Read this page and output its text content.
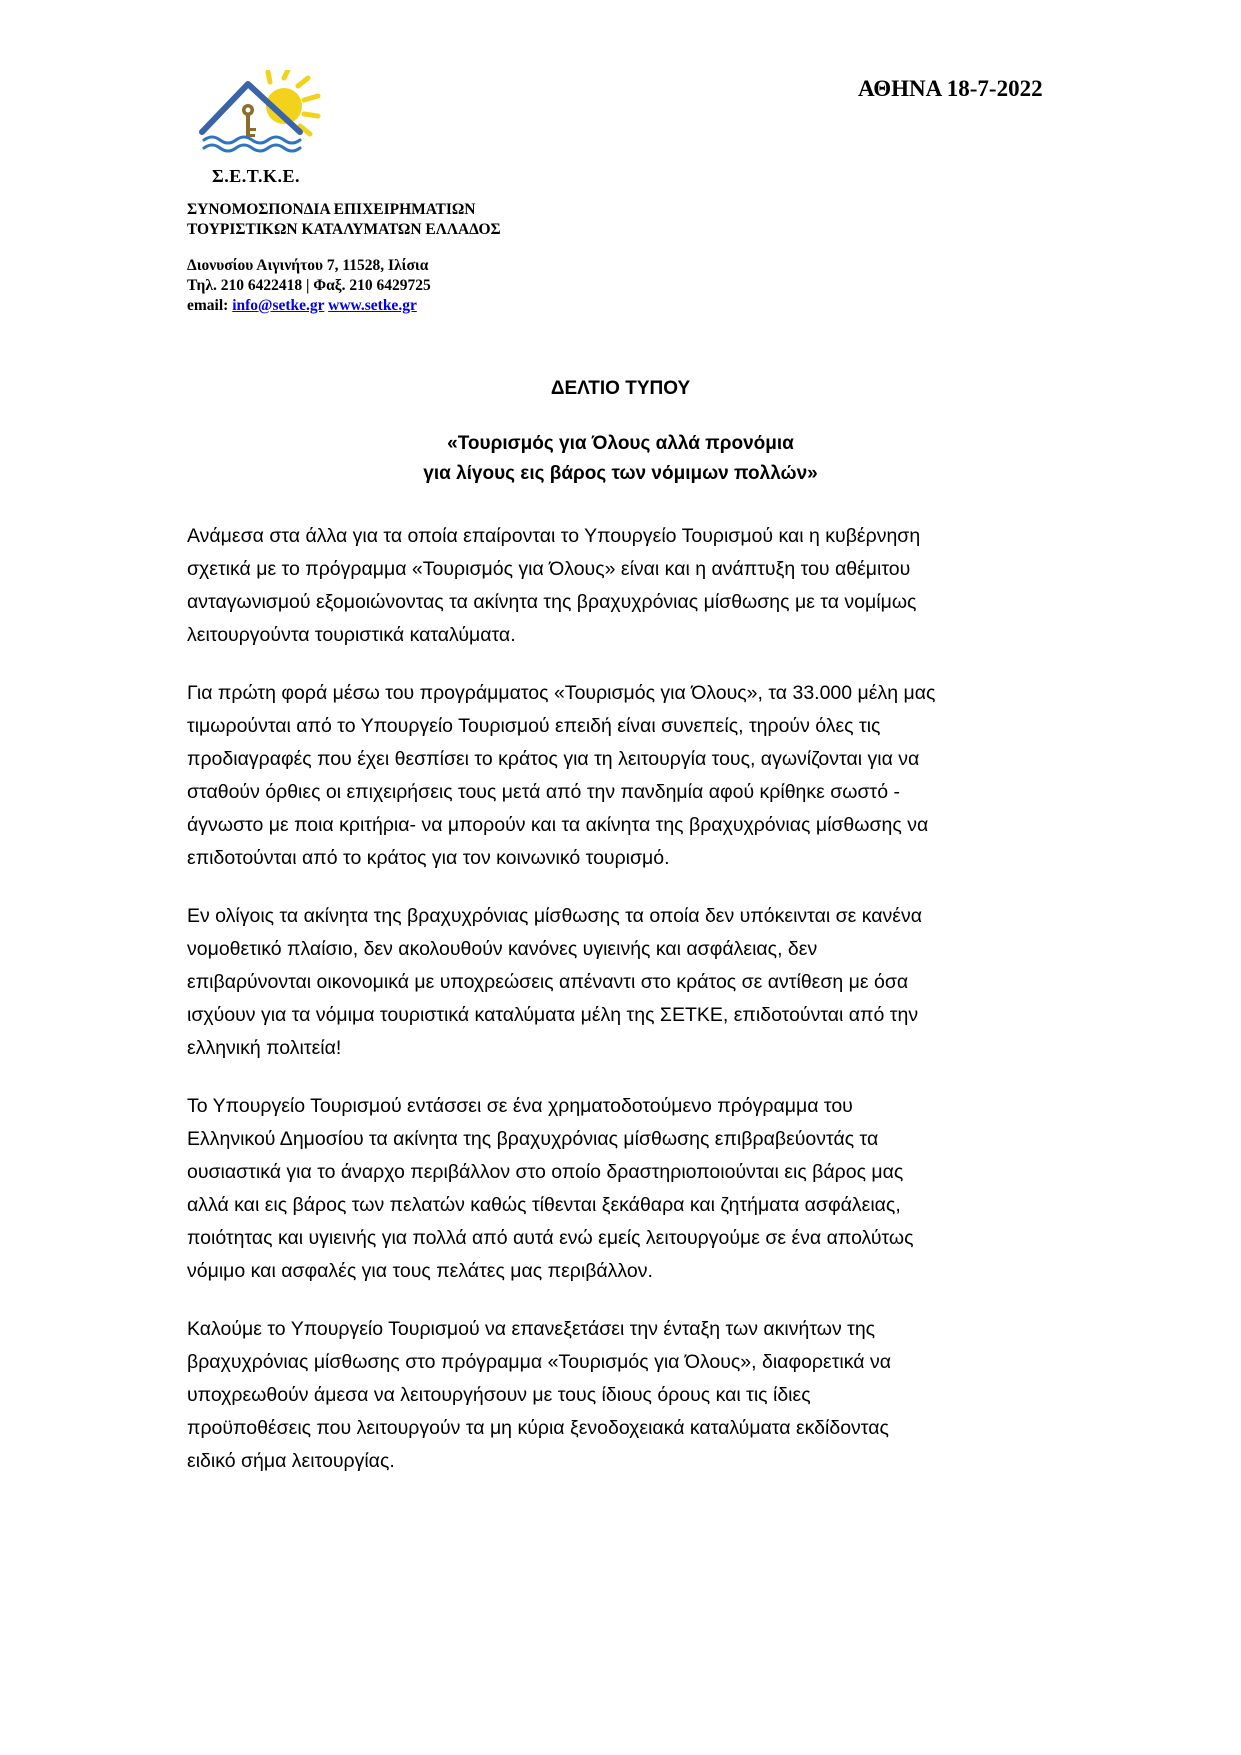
Σ.Ε.Τ.Κ.Ε.
ΑΘΗΝΑ 18-7-2022
ΣΥΝΟΜΟΣΠΟΝΔΙΑ ΕΠΙΧΕΙΡΗΜΑΤΙΩΝ
ΤΟΥΡΙΣΤΙΚΩΝ ΚΑΤΑΛΥΜΑΤΩΝ ΕΛΛΑΔΟΣ
Διονυσίου Αιγινήτου 7, 11528, Ιλίσια
Τηλ. 210 6422418 | Φαξ. 210 6429725
email: info@setke.gr www.setke.gr
ΔΕΛΤΙΟ ΤΥΠΟΥ
«Τουρισμός για Όλους αλλά προνόμια
για λίγους εις βάρος των νόμιμων πολλών»

Ανάμεσα στα άλλα για τα οποία επαίρονται το Υπουργείο Τουρισμού και η κυβέρνηση
σχετικά με το πρόγραμμα «Τουρισμός για Όλους» είναι και η ανάπτυξη του αθέμιτου
ανταγωνισμού εξομοιώνοντας τα ακίνητα της βραχυχρόνιας μίσθωσης με τα νομίμως
λειτουργούντα τουριστικά καταλύματα.

Για πρώτη φορά μέσω του προγράμματος «Τουρισμός για Όλους», τα 33.000 μέλη μας
τιμωρούνται από το Υπουργείο Τουρισμού επειδή είναι συνεπείς, τηρούν όλες τις
προδιαγραφές που έχει θεσπίσει το κράτος για τη λειτουργία τους, αγωνίζονται για να
σταθούν όρθιες οι επιχειρήσεις τους μετά από την πανδημία αφού κρίθηκε σωστό -
άγνωστο με ποια κριτήρια- να μπορούν και τα ακίνητα της βραχυχρόνιας μίσθωσης να
επιδοτούνται από το κράτος για τον κοινωνικό τουρισμό.

Εν ολίγοις τα ακίνητα της βραχυχρόνιας μίσθωσης τα οποία δεν υπόκεινται σε κανένα
νομοθετικό πλαίσιο, δεν ακολουθούν κανόνες υγιεινής και ασφάλειας, δεν
επιβαρύνονται οικονομικά με υποχρεώσεις απέναντι στο κράτος σε αντίθεση με όσα
ισχύουν για τα νόμιμα τουριστικά καταλύματα μέλη της ΣΕΤΚΕ, επιδοτούνται από την
ελληνική πολιτεία!

Το Υπουργείο Τουρισμού εντάσσει σε ένα χρηματοδοτούμενο πρόγραμμα του
Ελληνικού Δημοσίου τα ακίνητα της βραχυχρόνιας μίσθωσης επιβραβεύοντάς τα
ουσιαστικά για το άναρχο περιβάλλον στο οποίο δραστηριοποιούνται εις βάρος μας
αλλά και εις βάρος των πελατών καθώς τίθενται ξεκάθαρα και ζητήματα ασφάλειας,
ποιότητας και υγιεινής για πολλά από αυτά ενώ εμείς λειτουργούμε σε ένα απολύτως
νόμιμο και ασφαλές για τους πελάτες μας περιβάλλον.

Καλούμε το Υπουργείο Τουρισμού να επανεξετάσει την ένταξη των ακινήτων της
βραχυχρόνιας μίσθωσης στο πρόγραμμα «Τουρισμός για Όλους», διαφορετικά να
υποχρεωθούν άμεσα να λειτουργήσουν με τους ίδιους όρους και τις ίδιες
προϋποθέσεις που λειτουργούν τα μη κύρια ξενοδοχειακά καταλύματα εκδίδοντας
ειδικό σήμα λειτουργίας.
